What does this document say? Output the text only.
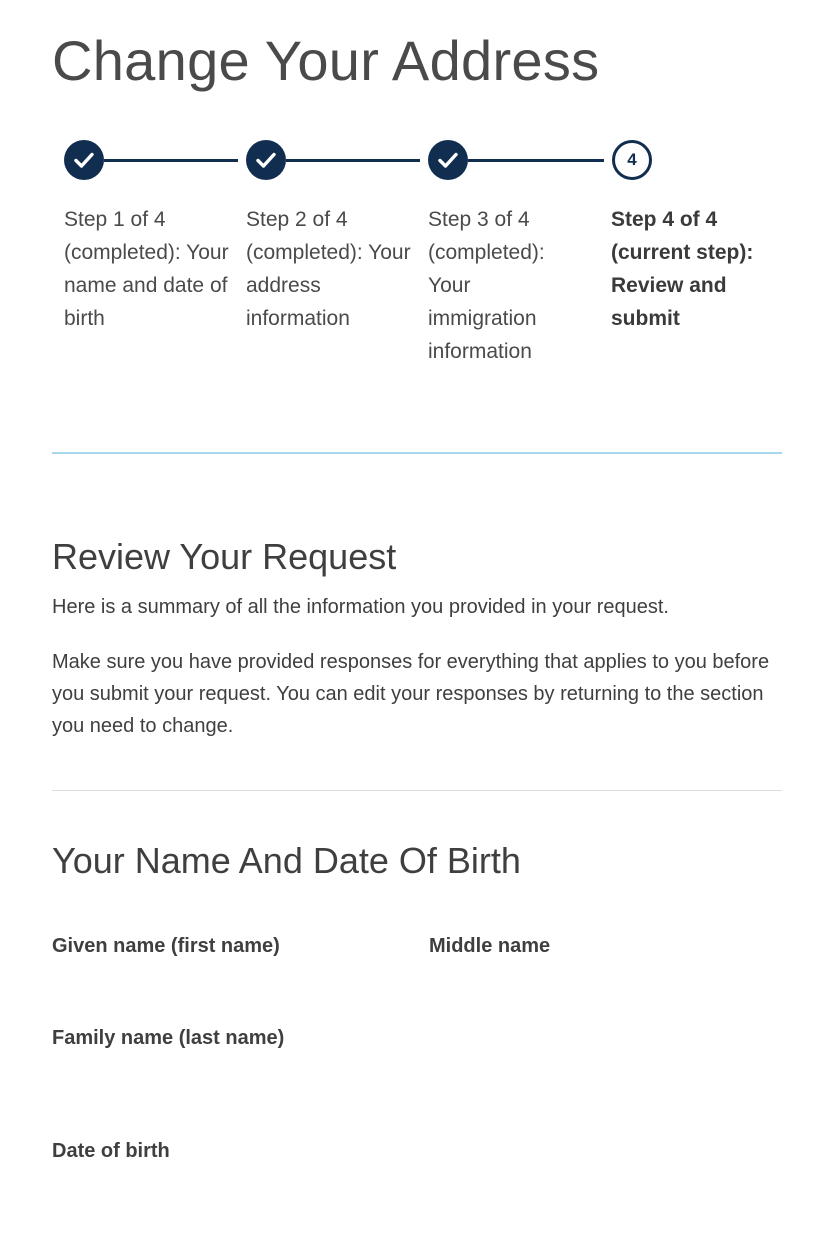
Change Your Address
Step 1 of 4 (completed): Your name and date of birth
Step 2 of 4 (completed): Your address information
Step 3 of 4 (completed): Your immigration information
4
Step 4 of 4 (current step): Review and submit
Review Your Request

Here is a summary of all the information you provided in your request.

Make sure you have provided responses for everything that applies to you before you submit your request. You can edit your responses by returning to the section you need to change.

Your Name And Date Of Birth

Given name (first name)	Middle name

Family name (last name)

Date of birth
